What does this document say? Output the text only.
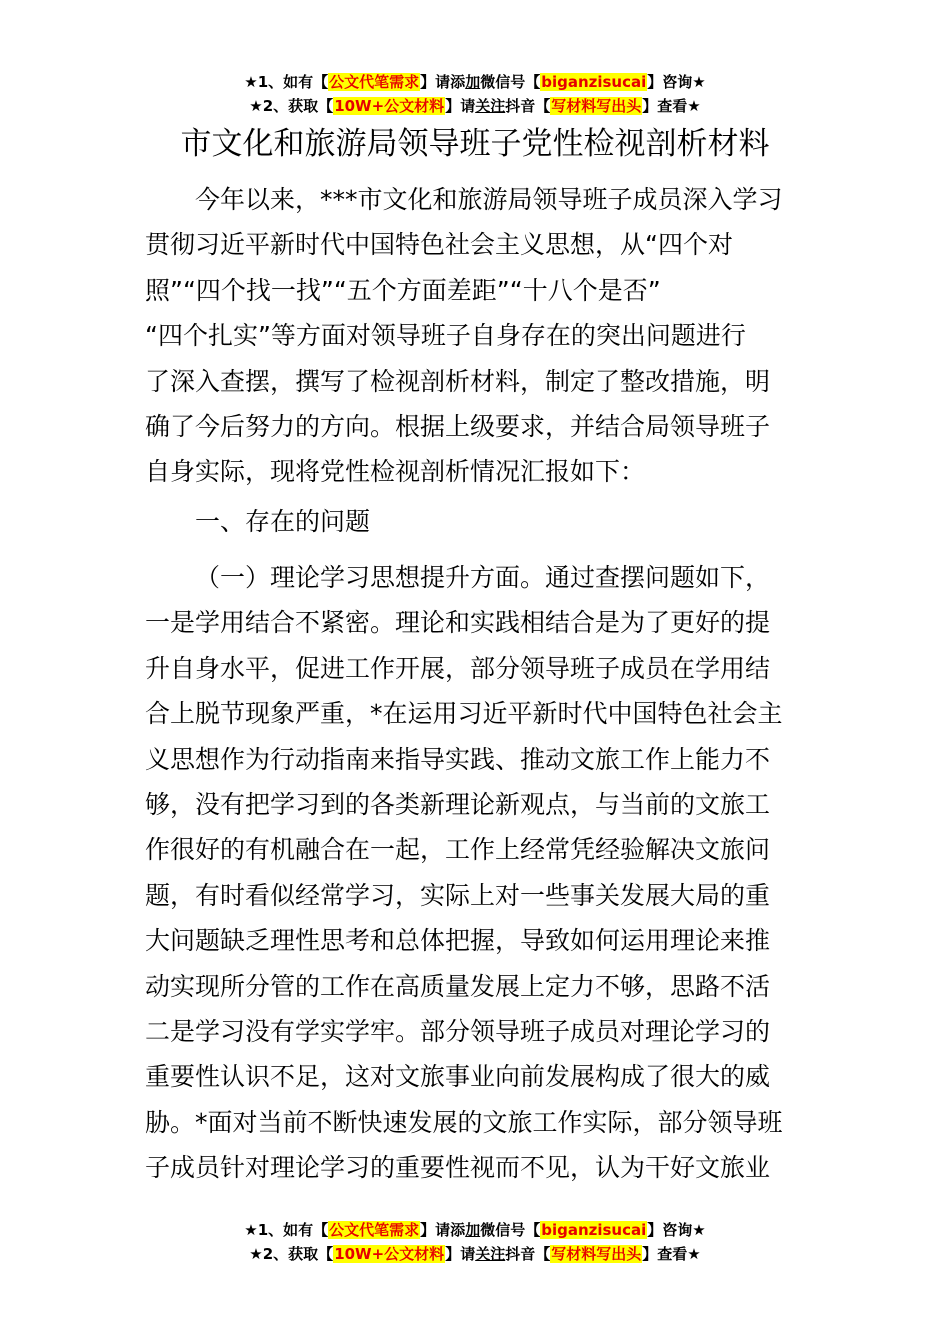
★1、如有【公文代笔需求】请添加微信号【biganzisucai】咨询★
★2、获取【10W+公文材料】请关注抖音【写材料写出头】查看★
市文化和旅游局领导班子党性检视剖析材料
今年以来，***市文化和旅游局领导班子成员深入学习
贯彻习近平新时代中国特色社会主义思想，从“四个对
照”“四个找一找”“五个方面差距”“十八个是否”
“四个扎实”等方面对领导班子自身存在的突出问题进行
了深入查摆，撰写了检视剖析材料，制定了整改措施，明
确了今后努力的方向。根据上级要求，并结合局领导班子
自身实际，现将党性检视剖析情况汇报如下：
一、存在的问题
（一）理论学习思想提升方面。通过查摆问题如下，
一是学用结合不紧密。理论和实践相结合是为了更好的提
升自身水平，促进工作开展，部分领导班子成员在学用结
合上脱节现象严重，*在运用习近平新时代中国特色社会主
义思想作为行动指南来指导实践、推动文旅工作上能力不
够，没有把学习到的各类新理论新观点，与当前的文旅工
作很好的有机融合在一起，工作上经常凭经验解决文旅问
题，有时看似经常学习，实际上对一些事关发展大局的重
大问题缺乏理性思考和总体把握，导致如何运用理论来推
动实现所分管的工作在高质量发展上定力不够，思路不活
二是学习没有学实学牢。部分领导班子成员对理论学习的
重要性认识不足，这对文旅事业向前发展构成了很大的威
胁。*面对当前不断快速发展的文旅工作实际，部分领导班
子成员针对理论学习的重要性视而不见，认为干好文旅业
★1、如有【公文代笔需求】请添加微信号【biganzisucai】咨询★
★2、获取【10W+公文材料】请关注抖音【写材料写出头】查看★
